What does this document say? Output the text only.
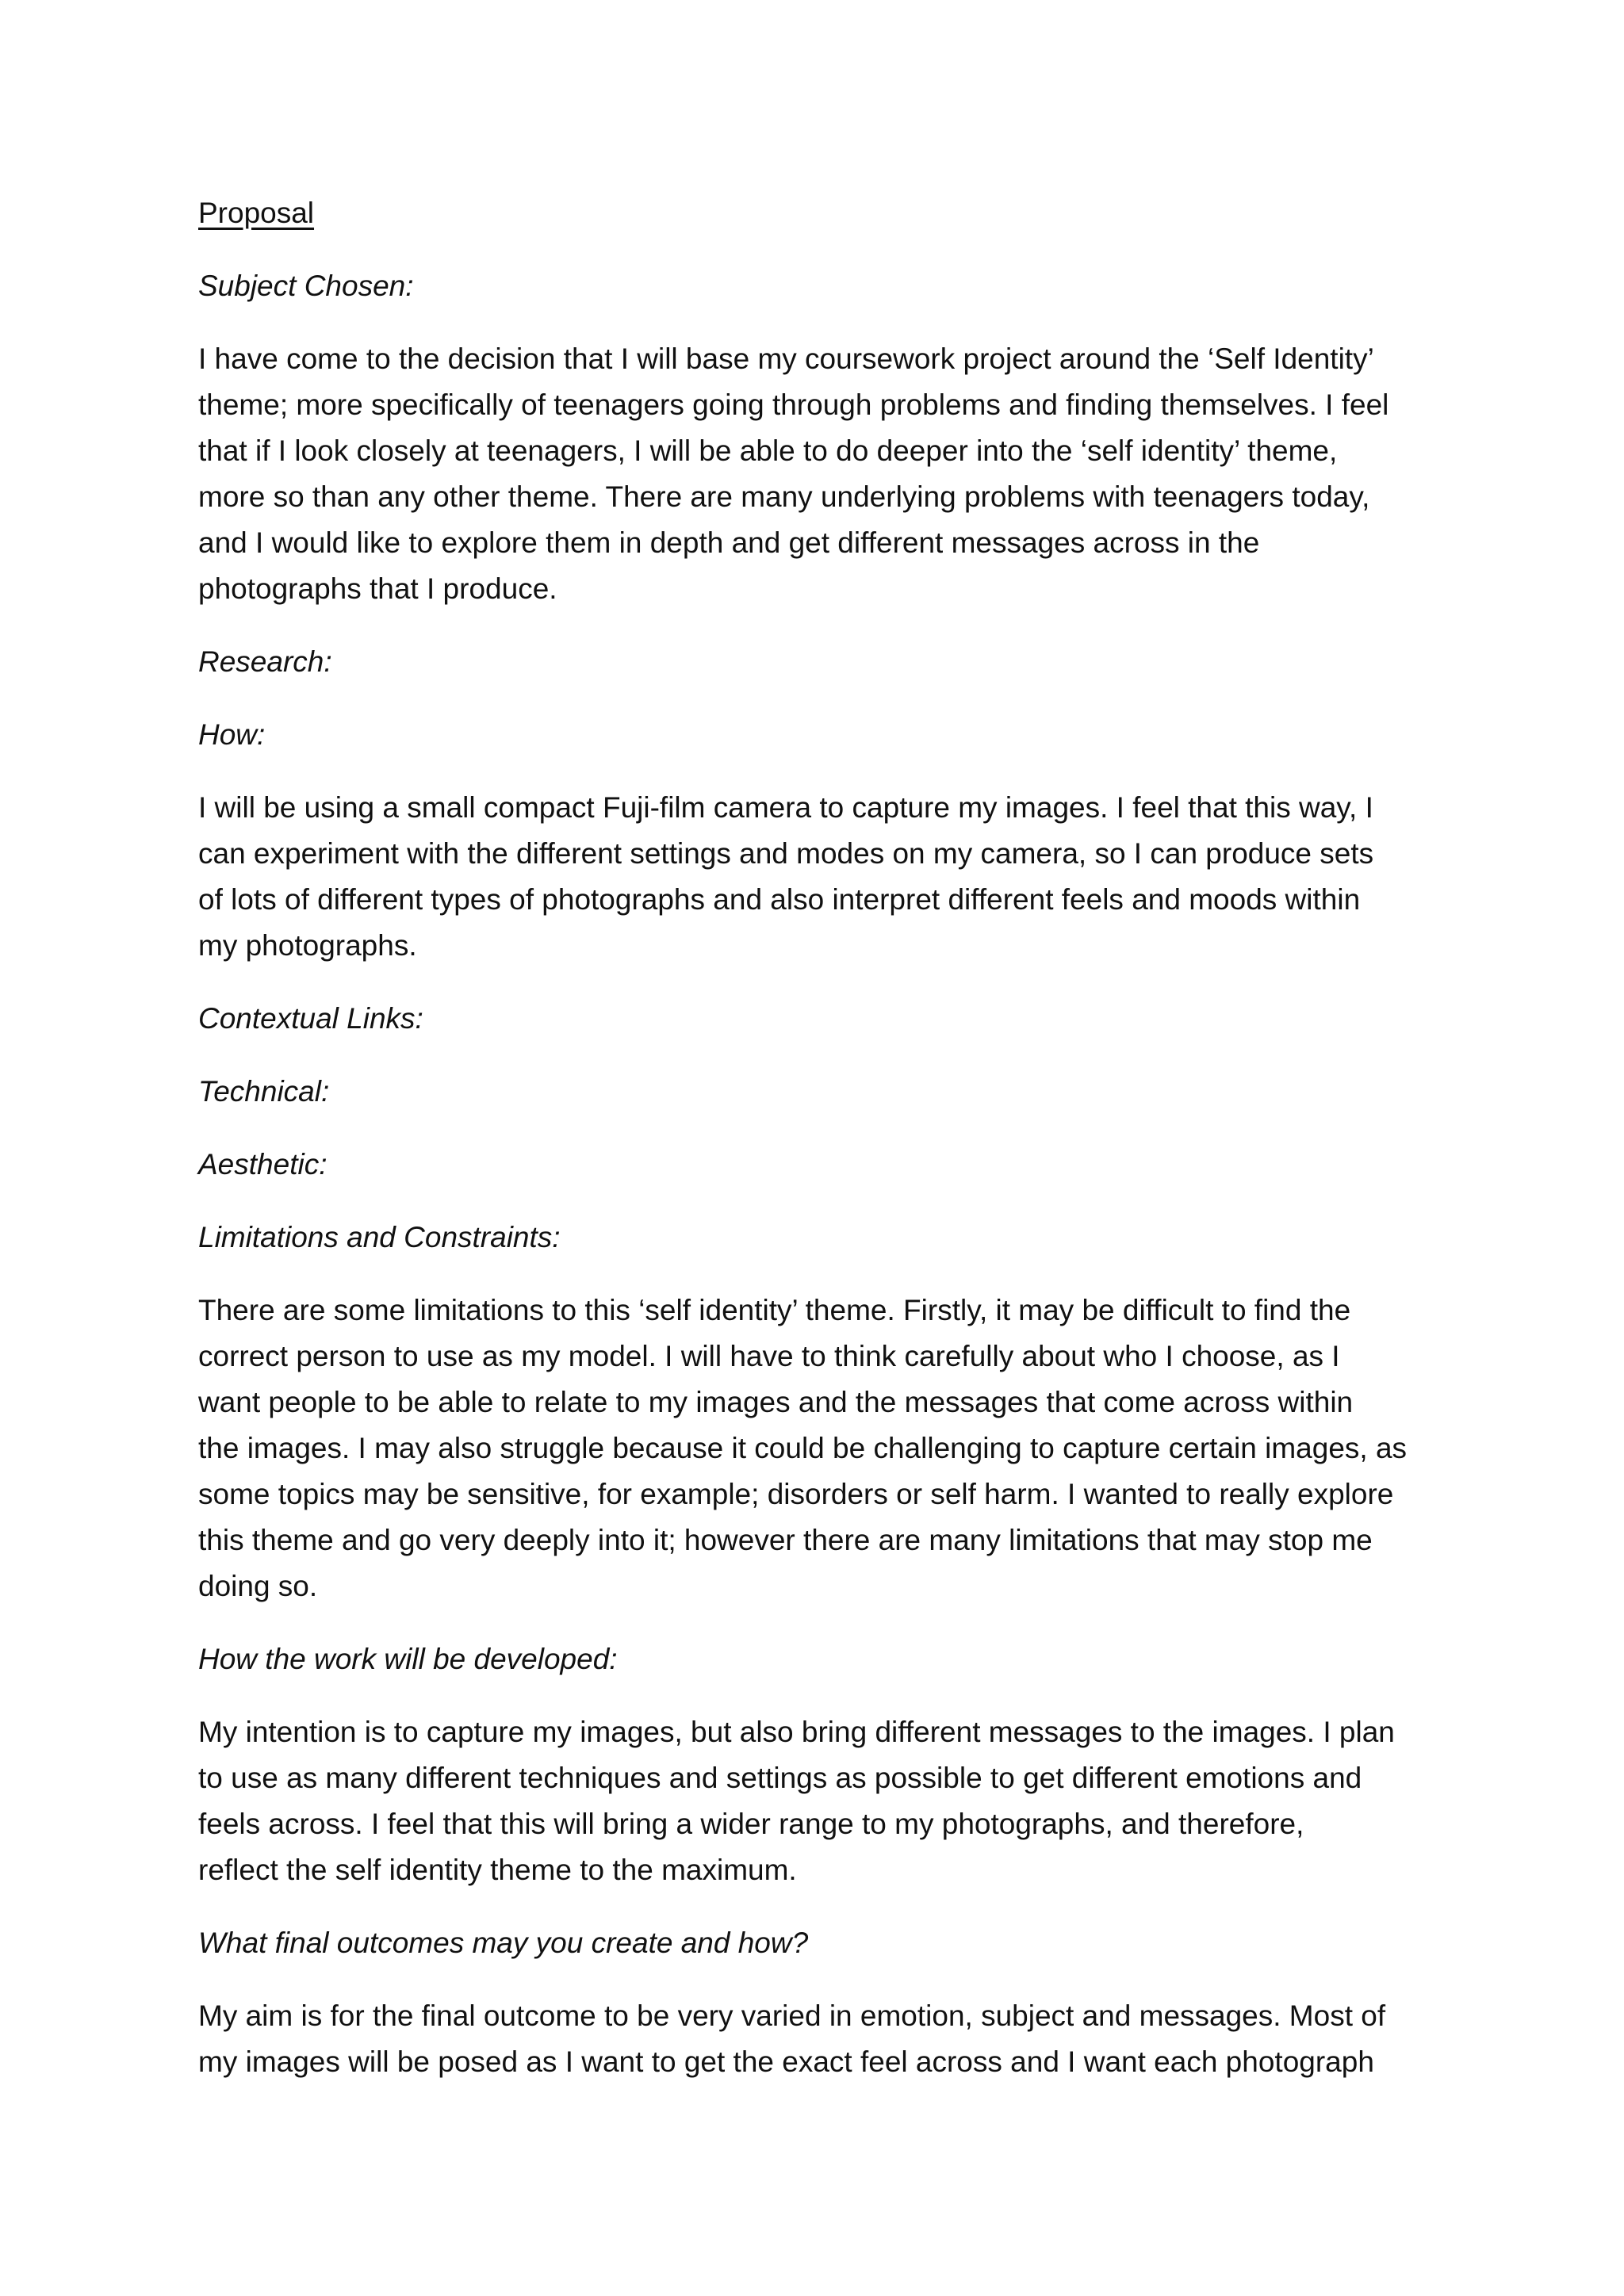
Proposal
Subject Chosen:
I have come to the decision that I will base my coursework project around the ‘Self Identity’
theme; more specifically of teenagers going through problems and finding themselves. I feel
that if I look closely at teenagers, I will be able to do deeper into the ‘self identity’ theme,
more so than any other theme. There are many underlying problems with teenagers today,
and I would like to explore them in depth and get different messages across in the
photographs that I produce.
Research:
How:
I will be using a small compact Fuji-film camera to capture my images. I feel that this way, I
can experiment with the different settings and modes on my camera, so I can produce sets
of lots of different types of photographs and also interpret different feels and moods within
my photographs.
Contextual Links:
Technical:
Aesthetic:
Limitations and Constraints:
There are some limitations to this ‘self identity’ theme. Firstly, it may be difficult to find the
correct person to use as my model. I will have to think carefully about who I choose, as I
want people to be able to relate to my images and the messages that come across within
the images. I may also struggle because it could be challenging to capture certain images, as
some topics may be sensitive, for example; disorders or self harm. I wanted to really explore
this theme and go very deeply into it; however there are many limitations that may stop me
doing so.
How the work will be developed:
My intention is to capture my images, but also bring different messages to the images. I plan
to use as many different techniques and settings as possible to get different emotions and
feels across. I feel that this will bring a wider range to my photographs, and therefore,
reflect the self identity theme to the maximum.
What final outcomes may you create and how?
My aim is for the final outcome to be very varied in emotion, subject and messages. Most of
my images will be posed as I want to get the exact feel across and I want each photograph
